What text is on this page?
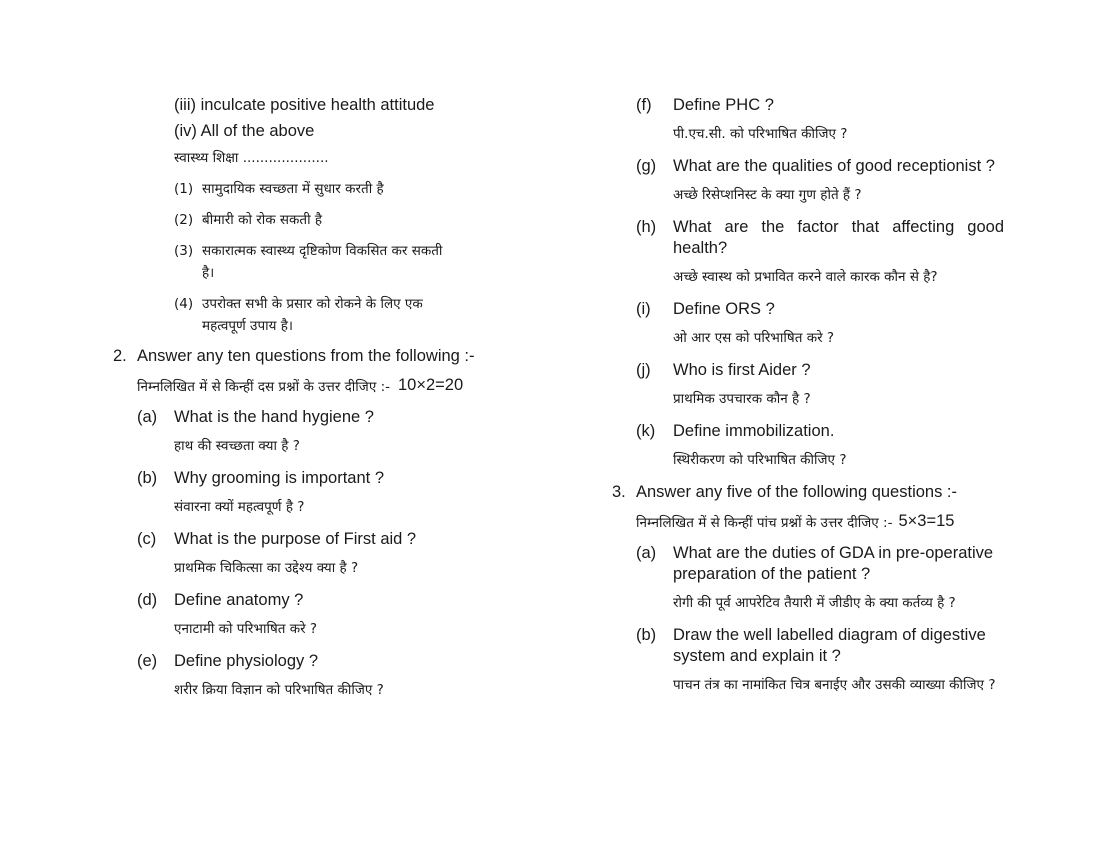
(iii) inculcate positive health attitude
(iv) All of the above
स्वास्थ्य शिक्षा ....................
(1) सामुदायिक स्वच्छता में सुधार करती है
(2) बीमारी को रोक सकती है
(3) सकारात्मक स्वास्थ्य दृष्टिकोण विकसित कर सकती
है।
(4) उपरोक्त सभी के प्रसार को रोकने के लिए एक
महत्वपूर्ण उपाय है।
2. Answer any ten questions from the following :-
निम्नलिखित में से किन्हीं दस प्रश्नों के उत्तर दीजिए :- 10×2=20
(a)	What is the hand hygiene ?
हाथ की स्वच्छता क्या है ?
(b)	Why grooming is important ?
संवारना क्यों महत्वपूर्ण है ?
(c)	What is the purpose of First aid ?
प्राथमिक चिकित्सा का उद्देश्य क्या है ?
(d)	Define anatomy ?
एनाटामी को परिभाषित करे ?
(e)	Define physiology ?
शरीर क्रिया विज्ञान को परिभाषित कीजिए ?
(f)	Define PHC ?
पी.एच.सी. को परिभाषित कीजिए ?
(g)	What are the qualities of good receptionist ?
अच्छे रिसेप्शनिस्ट के क्या गुण होते हैं ?
(h)	What are the factor that affecting good health?
अच्छे स्वास्थ को प्रभावित करने वाले कारक कौन से है?
(i)	Define ORS ?
ओ आर एस को परिभाषित करे ?
(j)	Who is first Aider ?
प्राथमिक उपचारक कौन है ?
(k)	Define immobilization.
स्थिरीकरण को परिभाषित कीजिए ?
3. Answer any five of the following questions :-
निम्नलिखित में से किन्हीं पांच प्रश्नों के उत्तर दीजिए :- 5×3=15
(a)	What are the duties of GDA in pre-operative preparation of the patient ?
रोगी की पूर्व आपरेटिव तैयारी में जीडीए के क्या कर्तव्य है ?
(b)	Draw the well labelled diagram of digestive system and explain it ?
पाचन तंत्र का नामांकित चित्र बनाईए और उसकी व्याख्या कीजिए ?
